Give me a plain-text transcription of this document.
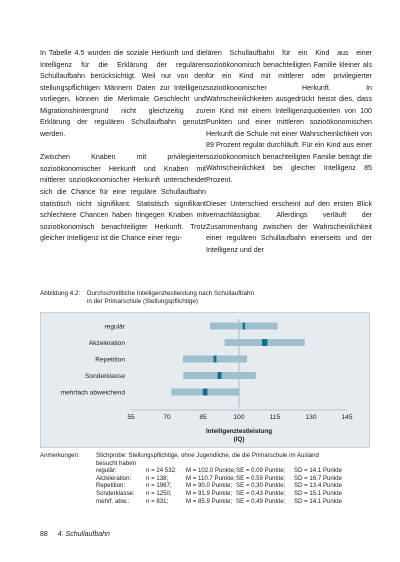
In Tabelle 4.5 wurden die soziale Herkunft und die Intelligenz für die Erklärung der regulären Schullaufbahn berücksichtigt. Weil nur von den stellungspflichtigen Männern Daten zur Intelligenz vorliegen, können die Merkmale Geschlecht und Migrationshintergrund nicht gleichzeitig zur Erklärung der regulären Schullaufbahn genutzt werden.

Zwischen Knaben mit privilegierter sozioökonomischer Herkunft und Knaben mit mittlerer sozioökonomischer Herkunft unterscheidet sich die Chance für eine reguläre Schullaufbahn statistisch nicht signifikant. Statistisch signifikant schlechtere Chancen haben hingegen Knaben mit sozioökonomisch benachteiligter Herkunft. Trotz gleicher Intelligenz ist die Chance einer regu-

lären Schullaufbahn für ein Kind aus einer sozioökonomisch benachteiligten Familie kleiner als für ein Kind mit mittlerer oder privilegierter sozioökonomischer Herkunft. In Wahrscheinlichkeiten ausgedrückt heisst dies, dass ein Kind mit einem Intelligenzquotienten von 100 Punkten und einer mittleren sozioökonomischen Herkunft die Schule mit einer Wahrscheinlichkeit von 89 Prozent regulär durchläuft. Für ein Kind aus einer sozioökonomisch benachteiligten Familie beträgt die Wahrscheinlichkeit bei gleicher Intelligenz 85 Prozent.

Dieser Unterschied erscheint auf den ersten Blick vernachlässigbar. Allerdings verläuft der Zusammenhang zwischen der Wahrscheinlichkeit einer regulären Schullaufbahn einerseits und der Intelligenz und der

Abbildung 4.2: Durchschnittliche Intelligenztestleistung nach Schullaufbahn
in der Primarschule (Stellungspflichtige)
regulär
Akzeleration
Repetition
Sonderklasse
mehrfach abweichend
55	70	85	100	115	130	145
Intelligenztestleistung
(IQ)
Anmerkungen:	Stichprobe: Stellungspflichtige, ohne Jugendliche, die die Primarschule im Ausland
besucht haben
regulär:	n = 24 532;	M = 102.0 Punkte; SE = 0.09 Punkte;	SD = 14.1 Punkte
Akzeleration:	n = 138;	M = 110.7 Punkte; SE = 0.59 Punkte;	SD = 16.7 Punkte
Repetition:	n = 1967;	M = 90.0 Punkte; SE = 0.30 Punkte;	SD = 13.4 Punkte
Sonderklasse:	n = 1250;	M = 91.9 Punkte; SE = 0.43 Punkte;	SD = 15.1 Punkte
mehrf. abw.:	n = 831;	M = 85.9 Punkte; SE = 0.49 Punkte;	SD = 14.1 Punkte
88 4. Schullaufbahn
